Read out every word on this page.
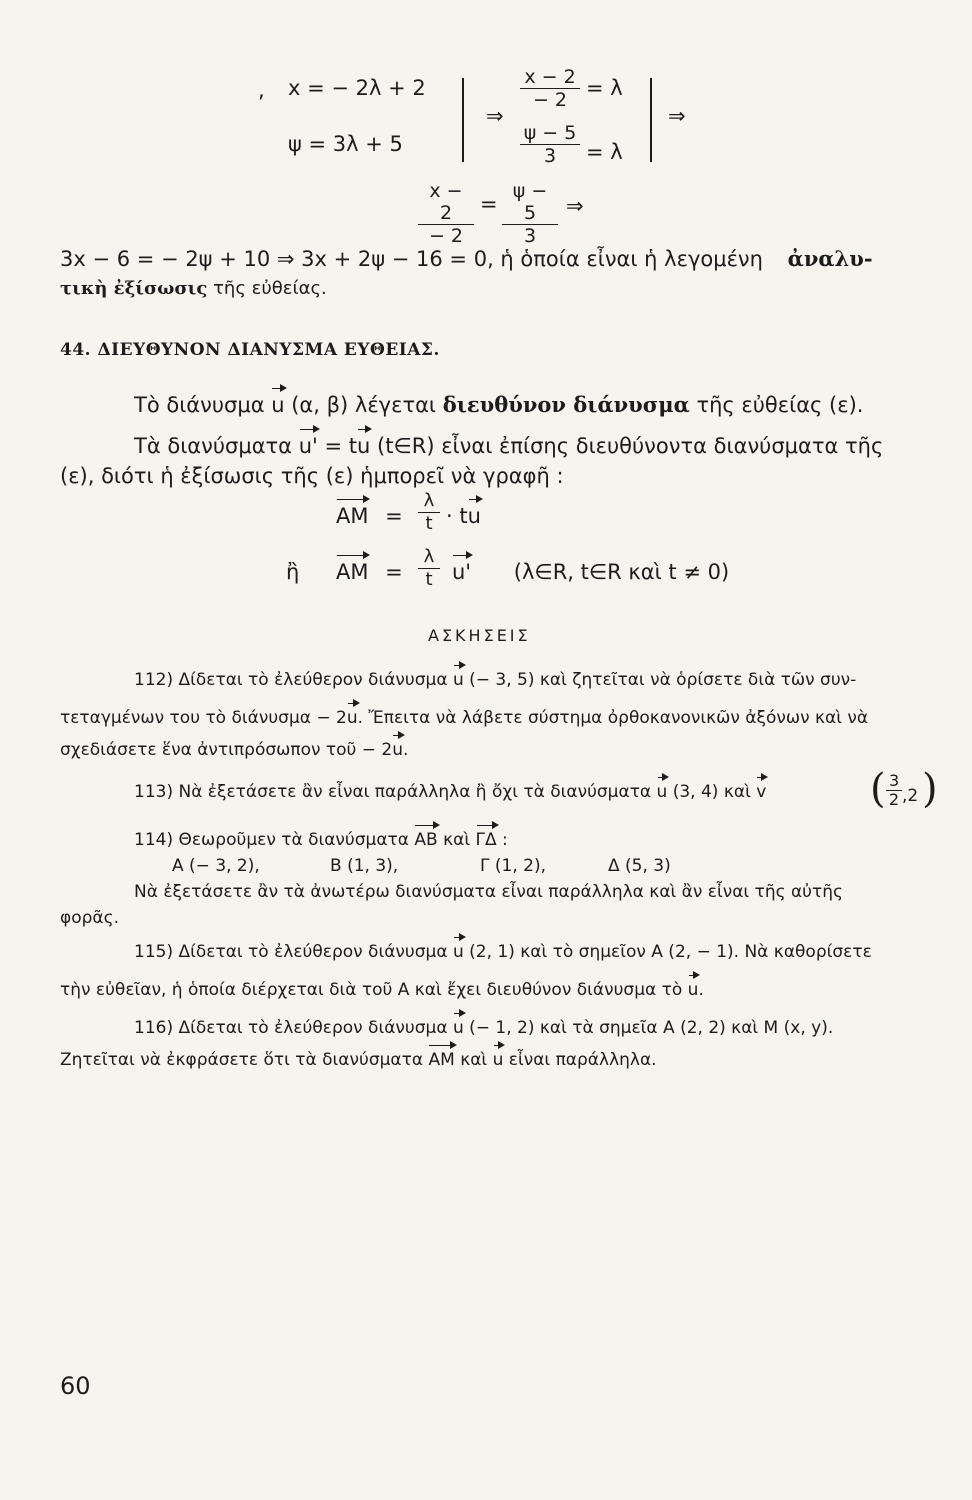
, x = − 2λ + 2
ψ = 3λ + 5
⇒
$\frac{x - 2}{- 2} = \lambda$
$\frac{\psi - 5}{3} = \lambda$
⇒
$\frac{x - 2}{- 2} = \frac{\psi - 5}{3}$ ⇒
3x − 6 = − 2ψ + 10 ⇒ 3x + 2ψ − 16 = 0, ἡ ὁποία εἶναι ἡ λεγομένη ἀναλυ-
τικὴ ἐξίσωσις τῆς εὐθείας.
44. ΔΙΕΥΘΥΝΟΝ ΔΙΑΝΥΣΜΑ ΕΥΘΕΙΑΣ.
Τὸ διάνυσμα u (α, β) λέγεται διευθύνον διάνυσμα τῆς εὐθείας (ε).
Τὰ διανύσματα u' = tu (t∈R) εἶναι ἐπίσης διευθύνοντα διανύσματα τῆς
(ε), διότι ἡ ἐξίσωσις τῆς (ε) ἡμπορεῖ νὰ γραφῆ :
AM = $\frac{\lambda}{t}$ · tu
ἢ AM = $\frac{\lambda}{t} u'$ (λ∈R, t∈R καὶ t ≠ 0)
ΑΣΚΗΣΕΙΣ
112) Δίδεται τὸ ἐλεύθερον διάνυσμα u (− 3, 5) καὶ ζητεῖται νὰ ὁρίσετε διὰ τῶν συν-
τεταγμένων του τὸ διάνυσμα − 2u. Ἔπειτα νὰ λάβετε σύστημα ὀρθοκανονικῶν ἀξόνων καὶ νὰ
σχεδιάσετε ἕνα ἀντιπρόσωπον τοῦ − 2u.
113) Νὰ ἐξετάσετε ἂν εἶναι παράλληλα ἢ ὄχι τὰ διανύσματα u (3, 4) καὶ v	( $\frac{3}{2} ,2$ )
114) Θεωροῦμεν τὰ διανύσματα ΑΒ καὶ ΓΔ :
Α (− 3, 2),	Β (1, 3),	Γ (1, 2),	Δ (5, 3)
Νὰ ἐξετάσετε ἂν τὰ ἀνωτέρω διανύσματα εἶναι παράλληλα καὶ ἂν εἶναι τῆς αὐτῆς
φορᾶς.
115) Δίδεται τὸ ἐλεύθερον διάνυσμα u (2, 1) καὶ τὸ σημεῖον Α (2, − 1). Νὰ καθορίσετε
τὴν εὐθεῖαν, ἡ ὁποία διέρχεται διὰ τοῦ Α καὶ ἔχει διευθύνον διάνυσμα τὸ u.
116) Δίδεται τὸ ἐλεύθερον διάνυσμα u (− 1, 2) καὶ τὰ σημεῖα Α (2, 2) καὶ Μ (x, y).
Ζητεῖται νὰ ἐκφράσετε ὅτι τὰ διανύσματα ΑΜ καὶ u εἶναι παράλληλα.
60
